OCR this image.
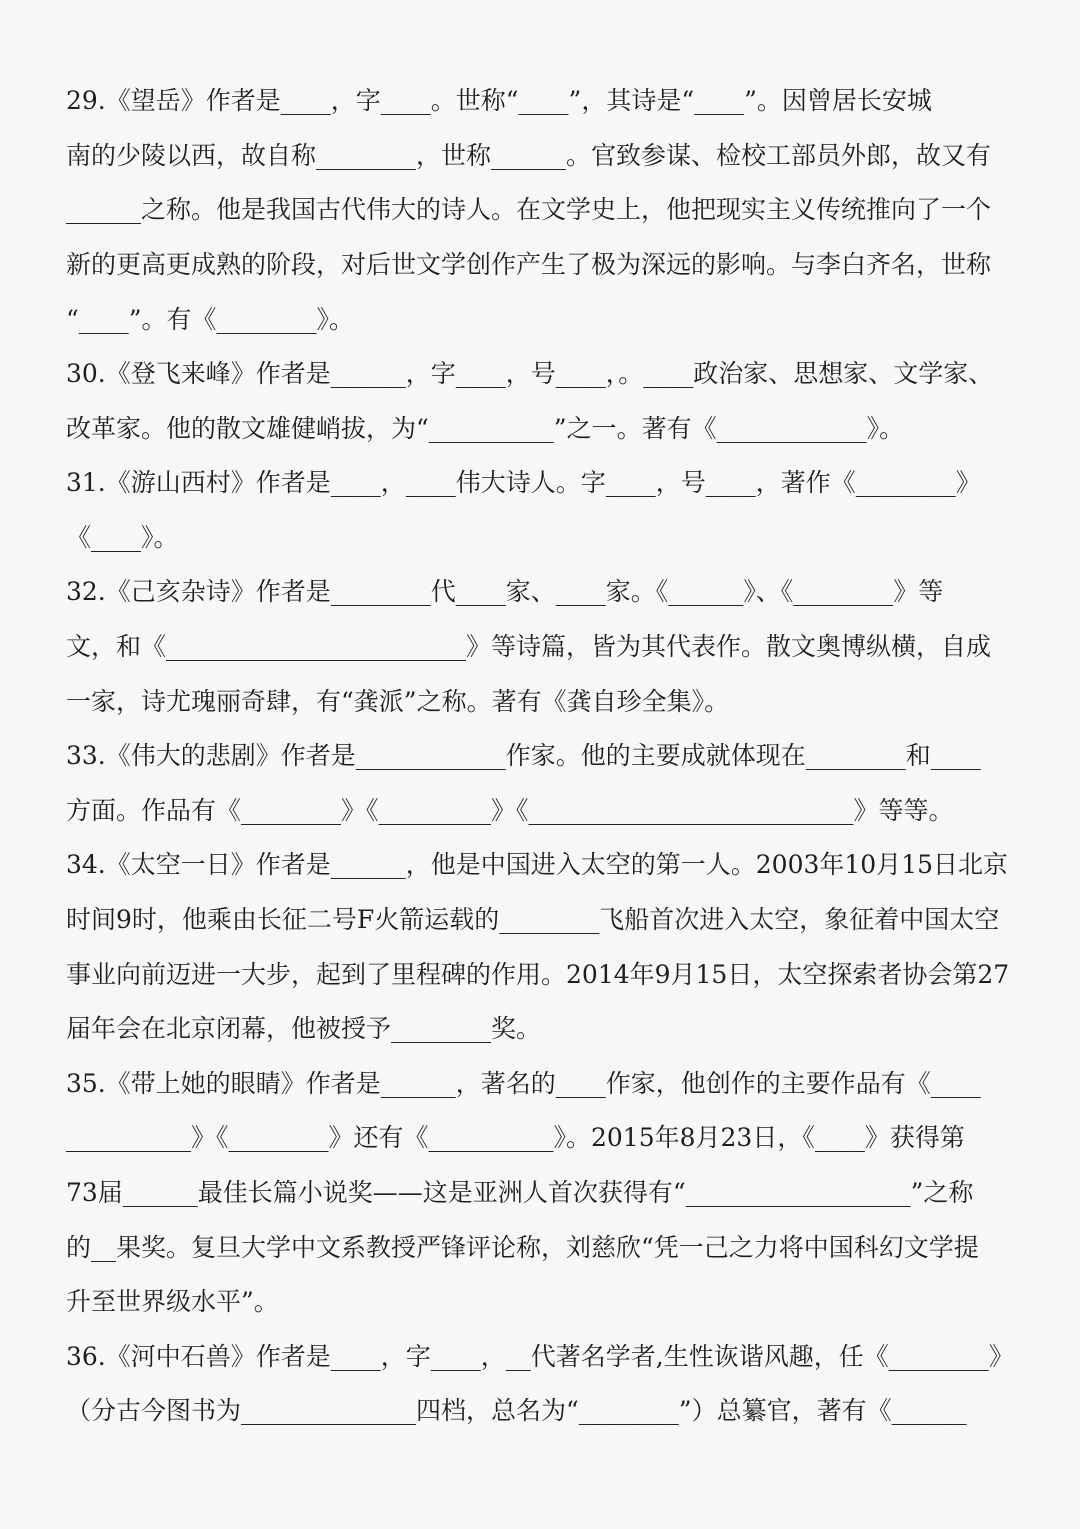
29.《望岳》作者是____，字____。世称“____”，其诗是“____”。因曾居长安城
南的少陵以西，故自称________，世称______。官致参谋、检校工部员外郎，故又有
______之称。他是我国古代伟大的诗人。在文学史上，他把现实主义传统推向了一个
新的更高更成熟的阶段，对后世文学创作产生了极为深远的影响。与李白齐名，世称
“____”。有《________》。
30.《登飞来峰》作者是______，字____，号____，。____政治家、思想家、文学家、
改革家。他的散文雄健峭拔，为“__________”之一。著有《____________》。
31.《游山西村》作者是____，____伟大诗人。字____，号____，著作《________》
《____》。
32.《己亥杂诗》作者是________代____家、____家。《______》、《________》等
文，和《________________________》等诗篇，皆为其代表作。散文奥博纵横，自成
一家，诗尤瑰丽奇肆，有“龚派”之称。著有《龚自珍全集》。
33.《伟大的悲剧》作者是____________作家。他的主要成就体现在________和____
方面。作品有《________》《_________》《__________________________》等等。
34.《太空一日》作者是______，他是中国进入太空的第一人。2003年10月15日北京
时间9时，他乘由长征二号F火箭运载的________飞船首次进入太空，象征着中国太空
事业向前迈进一大步，起到了里程碑的作用。2014年9月15日，太空探索者协会第27
届年会在北京闭幕，他被授予________奖。
35.《带上她的眼睛》作者是______，著名的____作家，他创作的主要作品有《____
__________》《________》还有《__________》。2015年8月23日，《____》获得第
73届______最佳长篇小说奖——这是亚洲人首次获得有“__________________”之称
的__果奖。复旦大学中文系教授严锋评论称，刘慈欣“凭一己之力将中国科幻文学提
升至世界级水平”。
36.《河中石兽》作者是____，字____，__代著名学者,生性诙谐风趣，任《________》
（分古今图书为______________四档，总名为“________”）总纂官，著有《______
